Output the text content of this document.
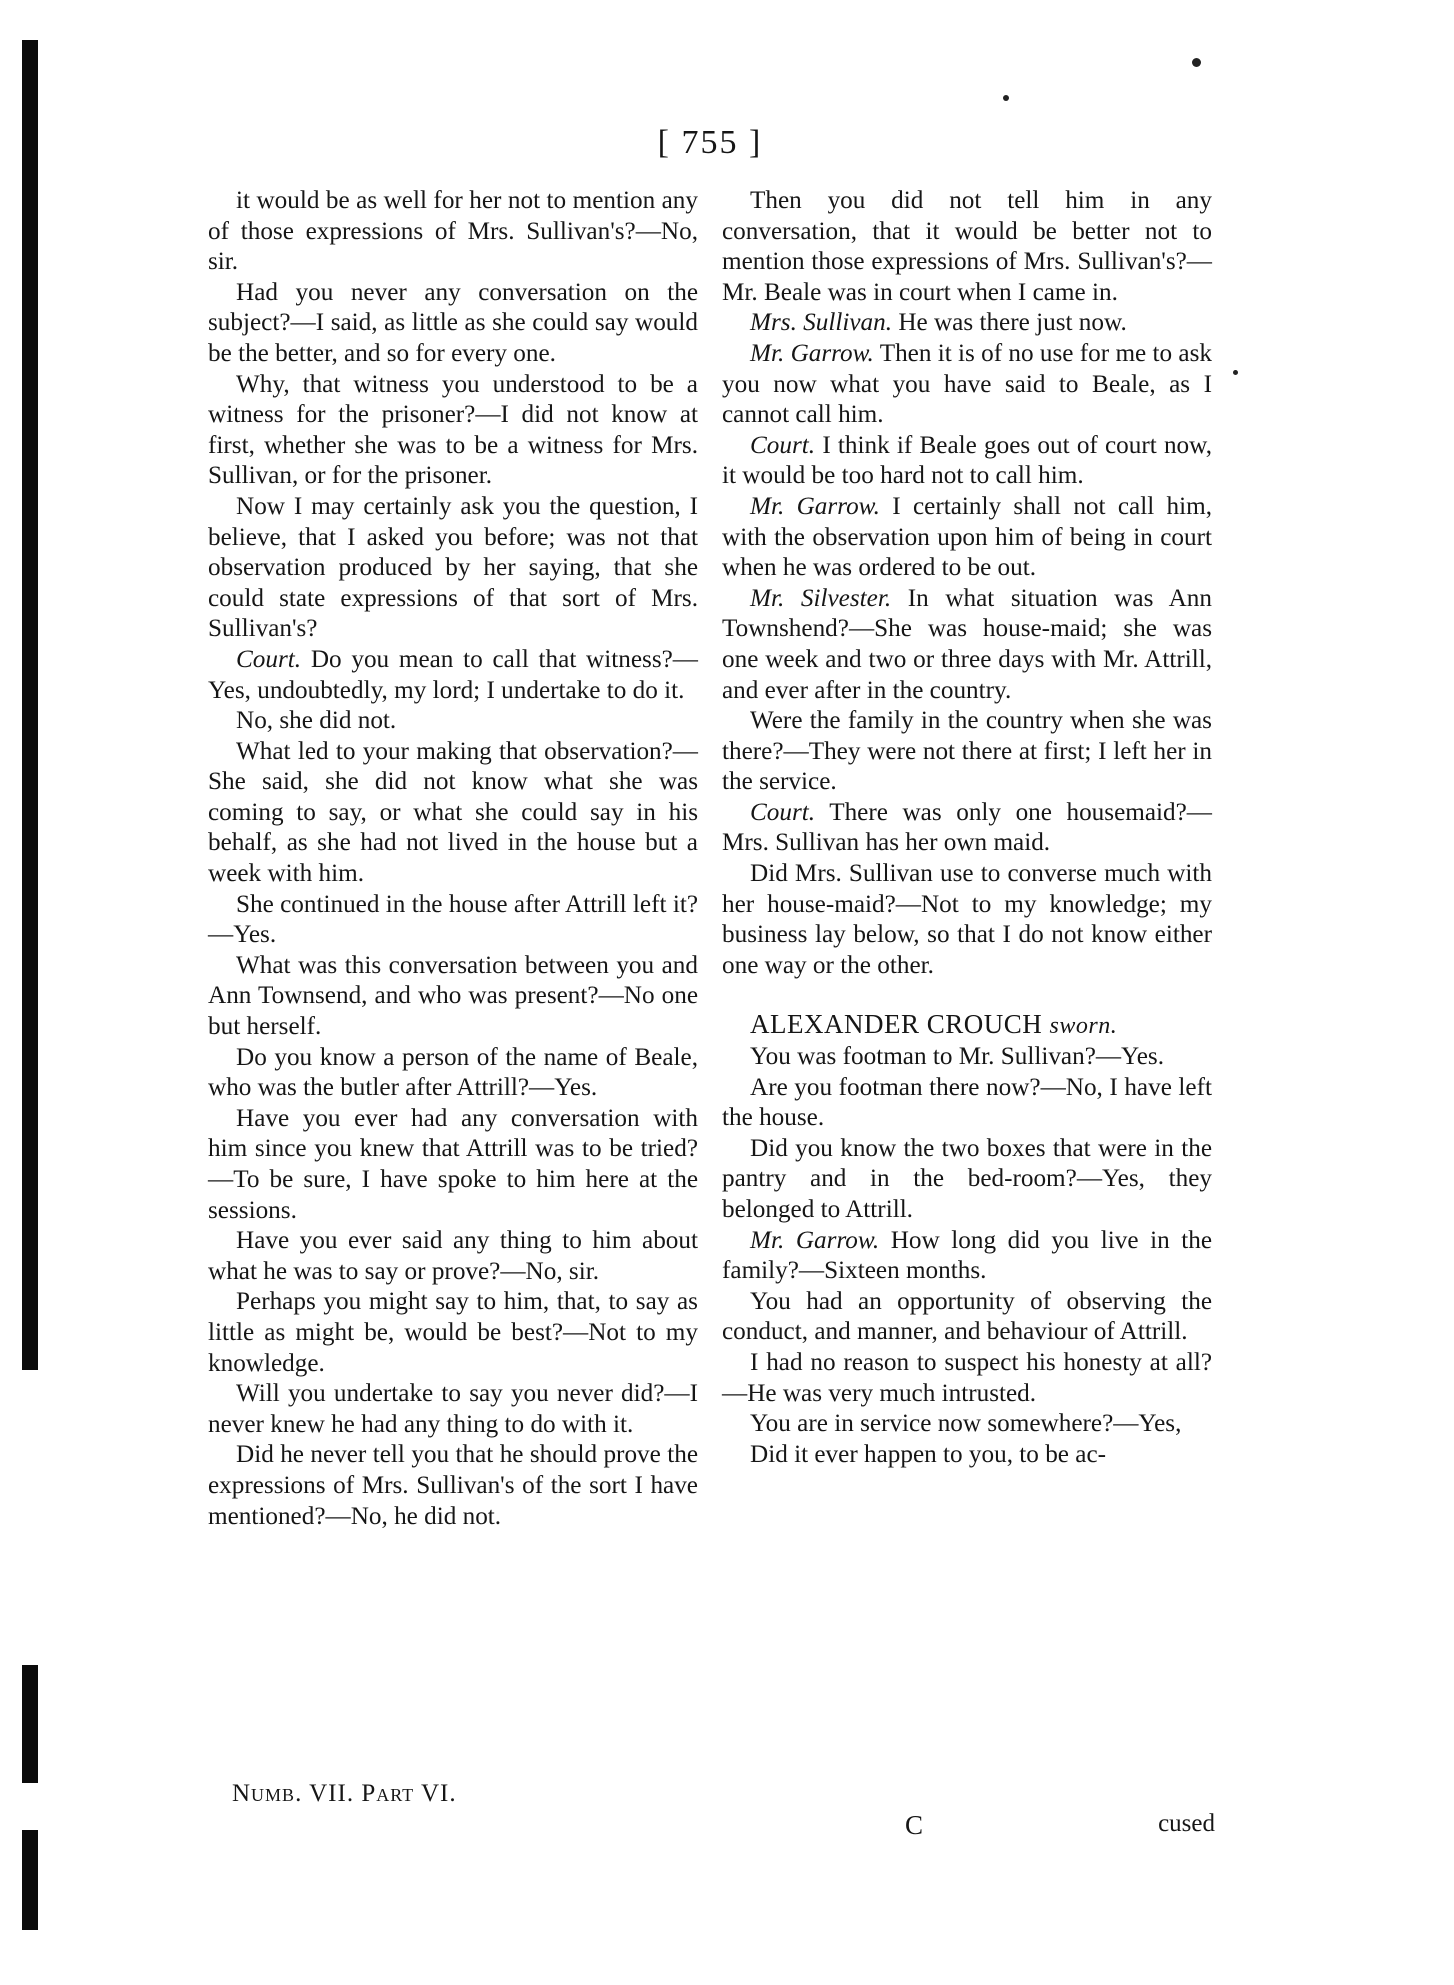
[ 755 ]

it would be as well for her not to mention any of those expressions of Mrs. Sullivan's?—No, sir.

Had you never any conversation on the subject?—I said, as little as she could say would be the better, and so for every one.

Why, that witness you understood to be a witness for the prisoner?—I did not know at first, whether she was to be a witness for Mrs. Sullivan, or for the prisoner.

Now I may certainly ask you the question, I believe, that I asked you before; was not that observation produced by her saying, that she could state expressions of that sort of Mrs. Sullivan's?

Court. Do you mean to call that witness?—Yes, undoubtedly, my lord; I undertake to do it.

No, she did not.

What led to your making that observation?—She said, she did not know what she was coming to say, or what she could say in his behalf, as she had not lived in the house but a week with him.

She continued in the house after Attrill left it?—Yes.

What was this conversation between you and Ann Townsend, and who was present?—No one but herself.

Do you know a person of the name of Beale, who was the butler after Attrill?—Yes.

Have you ever had any conversation with him since you knew that Attrill was to be tried?—To be sure, I have spoke to him here at the sessions.

Have you ever said any thing to him about what he was to say or prove?—No, sir.

Perhaps you might say to him, that, to say as little as might be, would be best?—Not to my knowledge.

Will you undertake to say you never did?—I never knew he had any thing to do with it.

Did he never tell you that he should prove the expressions of Mrs. Sullivan's of the sort I have mentioned?—No, he did not.

Then you did not tell him in any conversation, that it would be better not to mention those expressions of Mrs. Sullivan's?—Mr. Beale was in court when I came in.

Mrs. Sullivan. He was there just now.

Mr. Garrow. Then it is of no use for me to ask you now what you have said to Beale, as I cannot call him.

Court. I think if Beale goes out of court now, it would be too hard not to call him.

Mr. Garrow. I certainly shall not call him, with the observation upon him of being in court when he was ordered to be out.

Mr. Silvester. In what situation was Ann Townshend?—She was house-maid; she was one week and two or three days with Mr. Attrill, and ever after in the country.

Were the family in the country when she was there?—They were not there at first; I left her in the service.

Court. There was only one housemaid?—Mrs. Sullivan has her own maid.

Did Mrs. Sullivan use to converse much with her house-maid?—Not to my knowledge; my business lay below, so that I do not know either one way or the other.

ALEXANDER CROUCH sworn.

You was footman to Mr. Sullivan?—Yes.

Are you footman there now?—No, I have left the house.

Did you know the two boxes that were in the pantry and in the bed-room?—Yes, they belonged to Attrill.

Mr. Garrow. How long did you live in the family?—Sixteen months.

You had an opportunity of observing the conduct, and manner, and behaviour of Attrill.

I had no reason to suspect his honesty at all?—He was very much intrusted.

You are in service now somewhere?—Yes,

Did it ever happen to you, to be ac-

Numb. VII. Part VI.
C	cused
